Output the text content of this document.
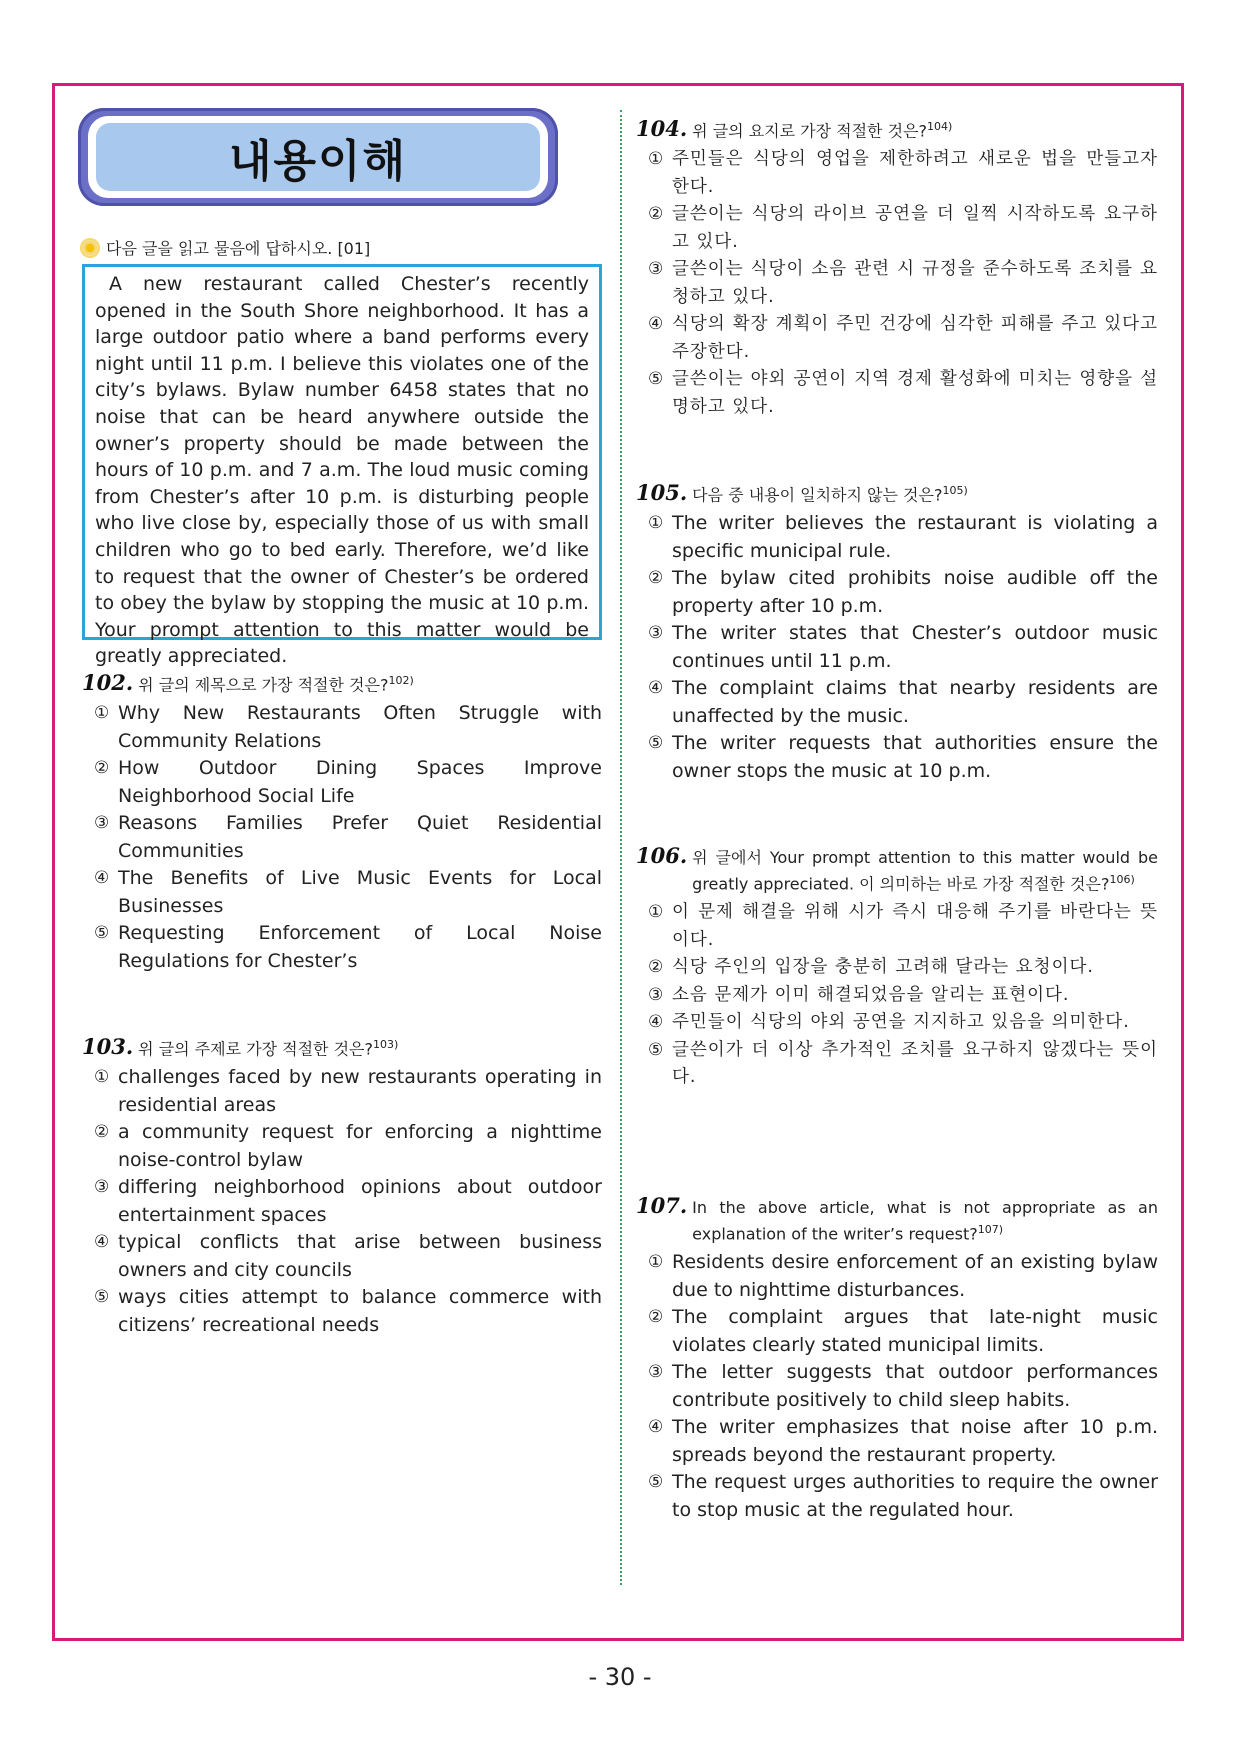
내용이해
다음 글을 읽고 물음에 답하시오. [01]

A new restaurant called Chester’s recently opened in the South Shore neighborhood. It has a large outdoor patio where a band performs every night until 11 p.m. I believe this violates one of the city’s bylaws. Bylaw number 6458 states that no noise that can be heard anywhere outside the owner’s property should be made between the hours of 10 p.m. and 7 a.m. The loud music coming from Chester’s after 10 p.m. is disturbing people who live close by, especially those of us with small children who go to bed early. Therefore, we’d like to request that the owner of Chester’s be ordered to obey the bylaw by stopping the music at 10 p.m. Your prompt attention to this matter would be greatly appreciated.

102. 위 글의 제목으로 가장 적절한 것은?$^{102)}$
① Why New Restaurants Often Struggle with Community Relations
② How Outdoor Dining Spaces Improve Neighborhood Social Life
③ Reasons Families Prefer Quiet Residential Communities
④ The Benefits of Live Music Events for Local Businesses
⑤ Requesting Enforcement of Local Noise Regulations for Chester’s
103. 위 글의 주제로 가장 적절한 것은?$^{103)}$
① challenges faced by new restaurants operating in residential areas
② a community request for enforcing a nighttime noise-control bylaw
③ differing neighborhood opinions about outdoor entertainment spaces
④ typical conflicts that arise between business owners and city councils
⑤ ways cities attempt to balance commerce with citizens’ recreational needs
104. 위 글의 요지로 가장 적절한 것은?$^{104)}$
① 주민들은 식당의 영업을 제한하려고 새로운 법을 만들고자 한다.
② 글쓴이는 식당의 라이브 공연을 더 일찍 시작하도록 요구하고 있다.
③ 글쓴이는 식당이 소음 관련 시 규정을 준수하도록 조치를 요청하고 있다.
④ 식당의 확장 계획이 주민 건강에 심각한 피해를 주고 있다고 주장한다.
⑤ 글쓴이는 야외 공연이 지역 경제 활성화에 미치는 영향을 설명하고 있다.
105. 다음 중 내용이 일치하지 않는 것은?$^{105)}$
① The writer believes the restaurant is violating a specific municipal rule.
② The bylaw cited prohibits noise audible off the property after 10 p.m.
③ The writer states that Chester’s outdoor music continues until 11 p.m.
④ The complaint claims that nearby residents are unaffected by the music.
⑤ The writer requests that authorities ensure the owner stops the music at 10 p.m.
106. 위 글에서 Your prompt attention to this matter would be greatly appreciated. 이 의미하는 바로 가장 적절한 것은?$^{106)}$
① 이 문제 해결을 위해 시가 즉시 대응해 주기를 바란다는 뜻이다.
② 식당 주인의 입장을 충분히 고려해 달라는 요청이다.
③ 소음 문제가 이미 해결되었음을 알리는 표현이다.
④ 주민들이 식당의 야외 공연을 지지하고 있음을 의미한다.
⑤ 글쓴이가 더 이상 추가적인 조치를 요구하지 않겠다는 뜻이다.
107. In the above article, what is not appropriate as an explanation of the writer’s request?$^{107)}$
① Residents desire enforcement of an existing bylaw due to nighttime disturbances.
② The complaint argues that late-night music violates clearly stated municipal limits.
③ The letter suggests that outdoor performances contribute positively to child sleep habits.
④ The writer emphasizes that noise after 10 p.m. spreads beyond the restaurant property.
⑤ The request urges authorities to require the owner to stop music at the regulated hour.
- 30 -
